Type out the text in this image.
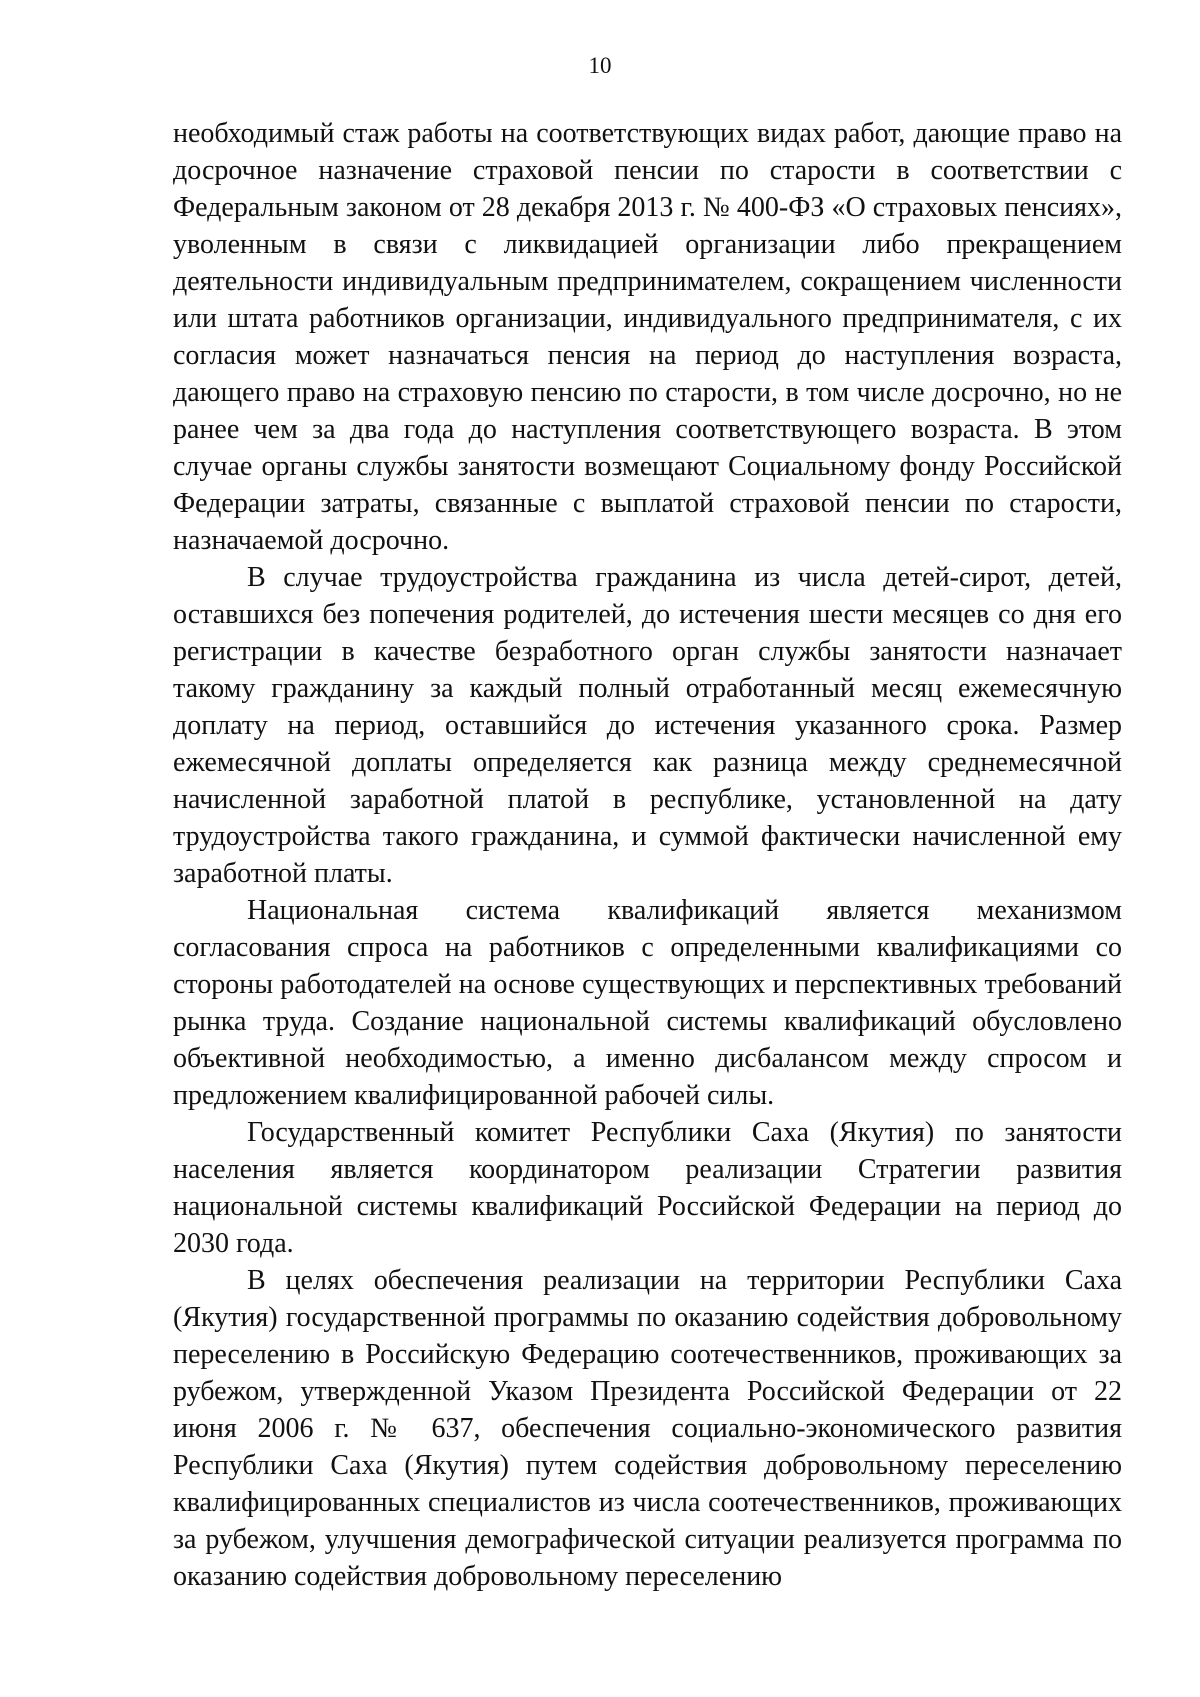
10

необходимый стаж работы на соответствующих видах работ, дающие право на досрочное назначение страховой пенсии по старости в соответствии с Федеральным законом от 28 декабря 2013 г. № 400-ФЗ «О страховых пенсиях», уволенным в связи с ликвидацией организации либо прекращением деятельности индивидуальным предпринимателем, сокращением численности или штата работников организации, индивидуального предпринимателя, с их согласия может назначаться пенсия на период до наступления возраста, дающего право на страховую пенсию по старости, в том числе досрочно, но не ранее чем за два года до наступления соответствующего возраста. В этом случае органы службы занятости возмещают Социальному фонду Российской Федерации затраты, связанные с выплатой страховой пенсии по старости, назначаемой досрочно.

В случае трудоустройства гражданина из числа детей-сирот, детей, оставшихся без попечения родителей, до истечения шести месяцев со дня его регистрации в качестве безработного орган службы занятости назначает такому гражданину за каждый полный отработанный месяц ежемесячную доплату на период, оставшийся до истечения указанного срока. Размер ежемесячной доплаты определяется как разница между среднемесячной начисленной заработной платой в республике, установленной на дату трудоустройства такого гражданина, и суммой фактически начисленной ему заработной платы.

Национальная система квалификаций является механизмом согласования спроса на работников с определенными квалификациями со стороны работодателей на основе существующих и перспективных требований рынка труда. Создание национальной системы квалификаций обусловлено объективной необходимостью, а именно дисбалансом между спросом и предложением квалифицированной рабочей силы.

Государственный комитет Республики Саха (Якутия) по занятости населения является координатором реализации Стратегии развития национальной системы квалификаций Российской Федерации на период до 2030 года.

В целях обеспечения реализации на территории Республики Саха (Якутия) государственной программы по оказанию содействия добровольному переселению в Российскую Федерацию соотечественников, проживающих за рубежом, утвержденной Указом Президента Российской Федерации от 22 июня 2006 г. № 637, обеспечения социально-экономического развития Республики Саха (Якутия) путем содействия добровольному переселению квалифицированных специалистов из числа соотечественников, проживающих за рубежом, улучшения демографической ситуации реализуется программа по оказанию содействия добровольному переселению
